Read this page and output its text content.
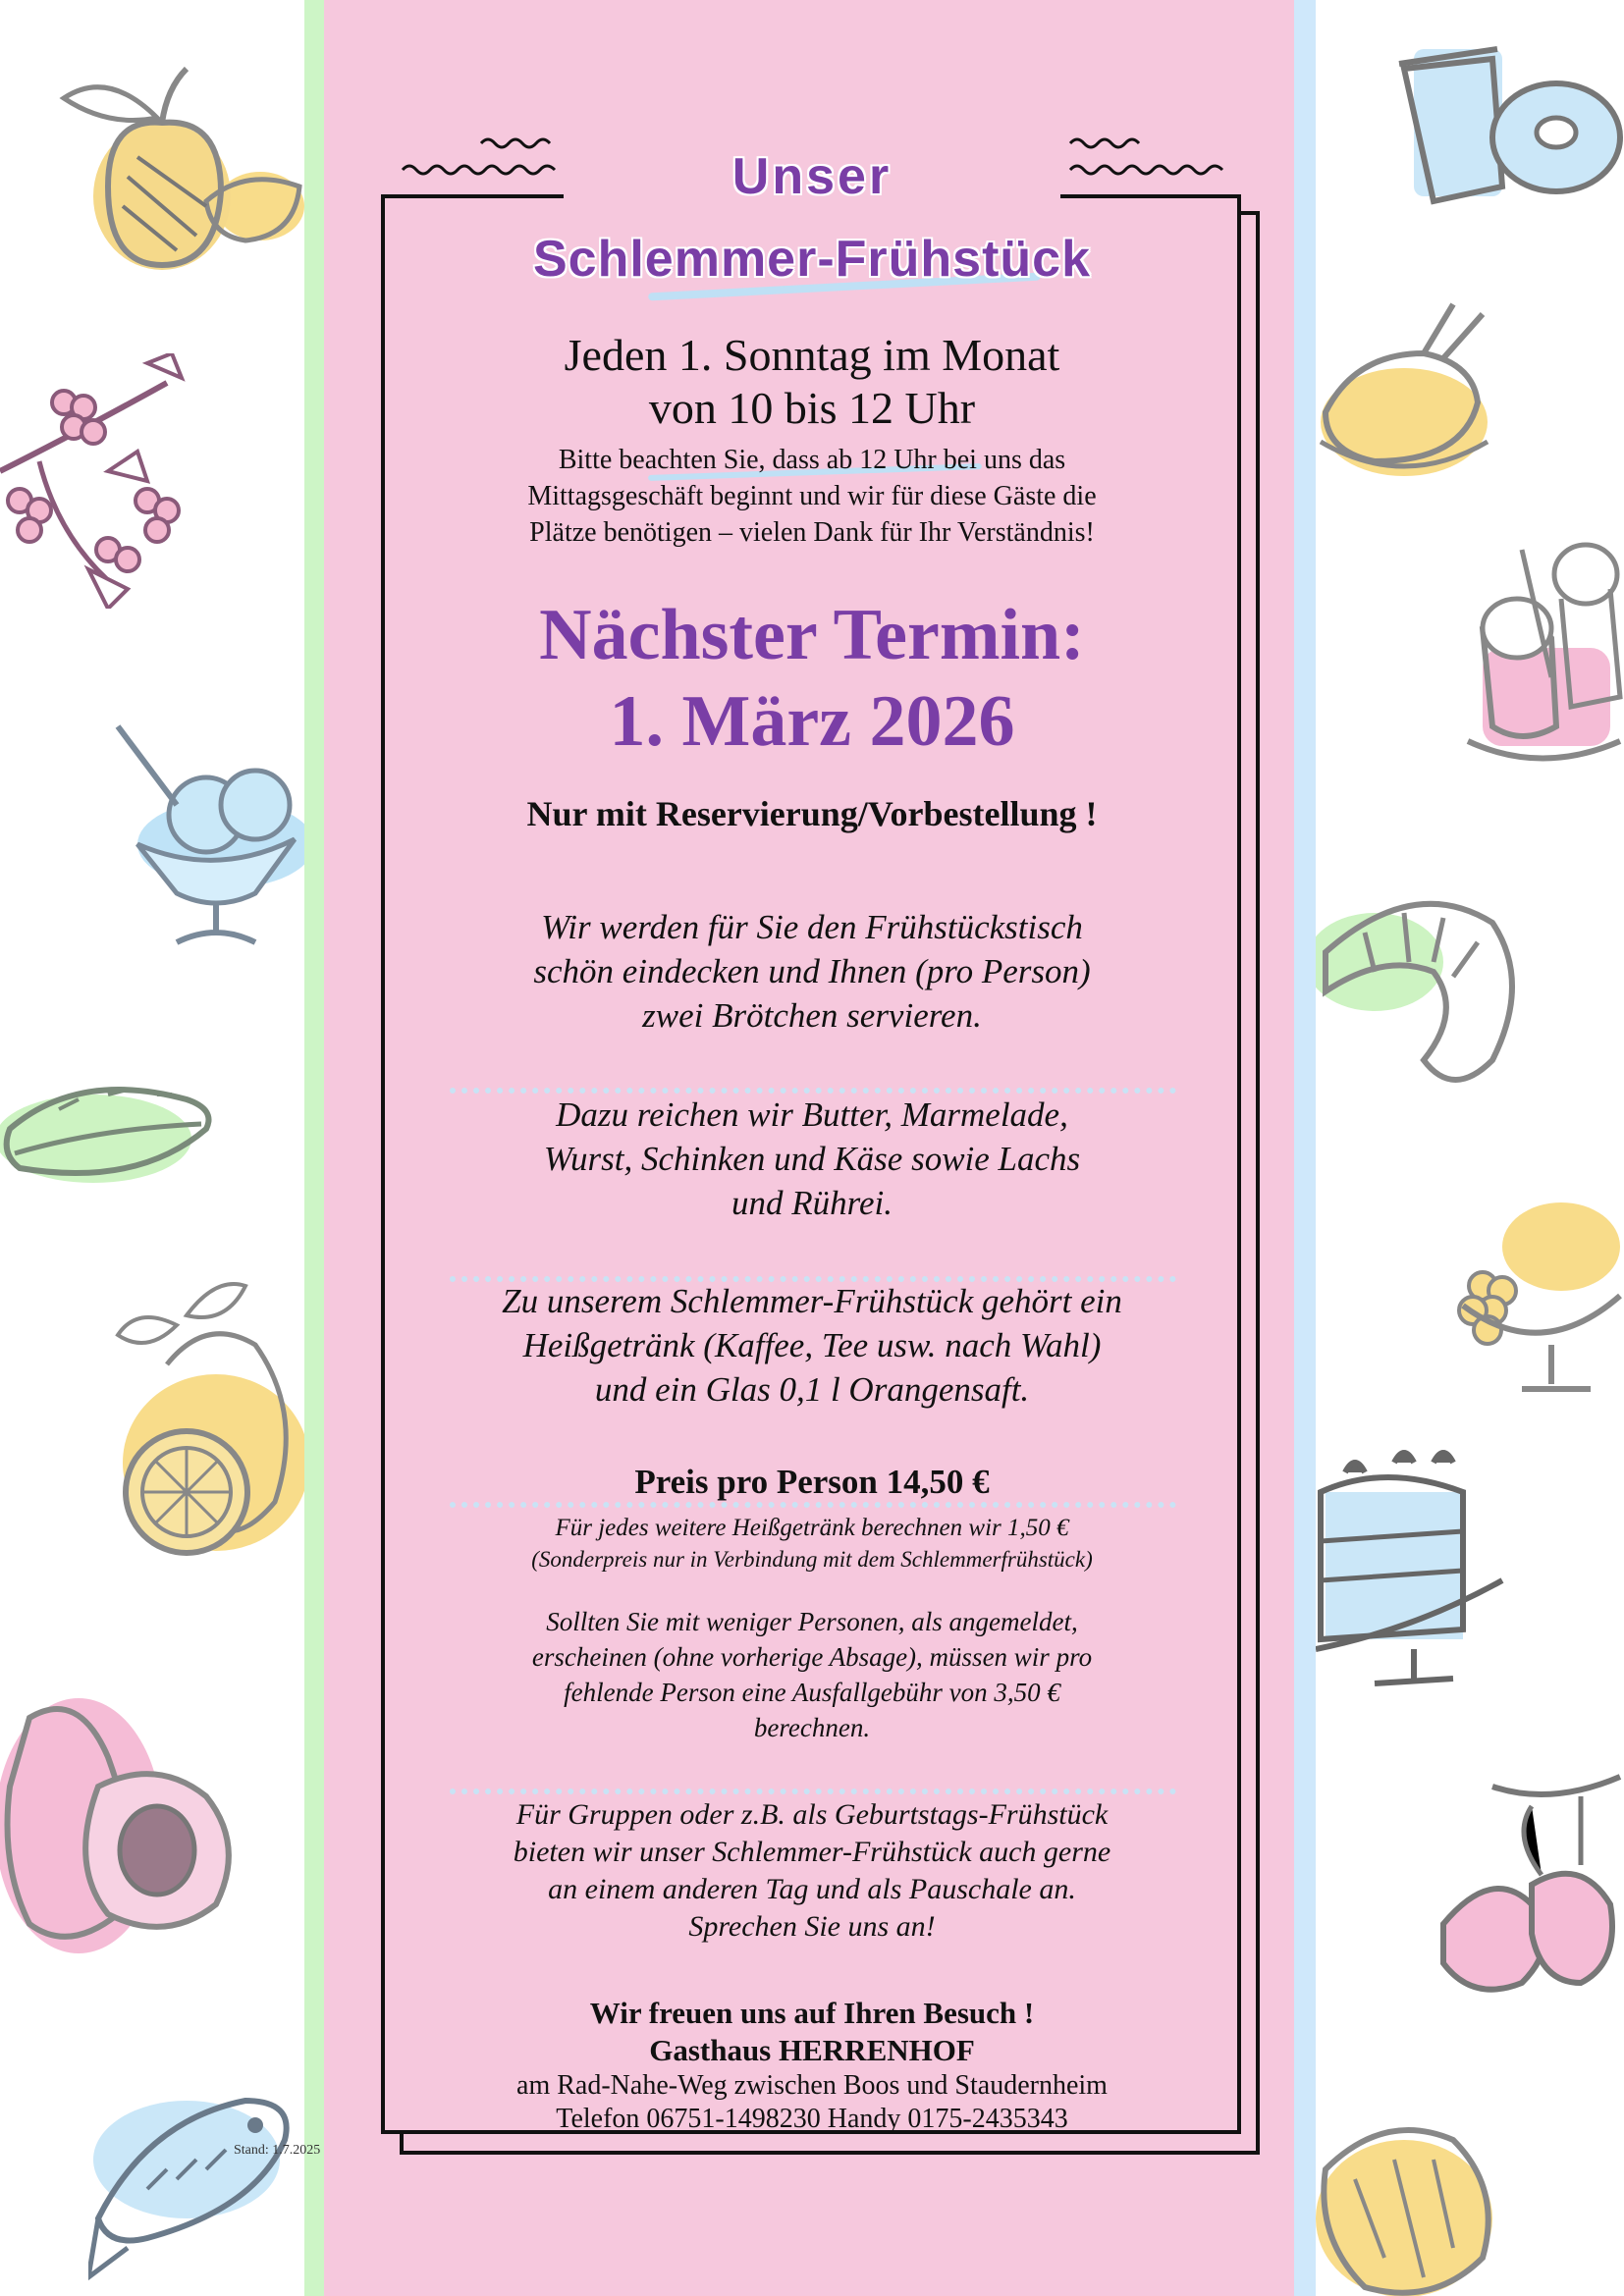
Unser
Schlemmer-Frühstück
Jeden 1. Sonntag im Monat
von 10 bis 12 Uhr
Bitte beachten Sie, dass ab 12 Uhr bei uns das
Mittagsgeschäft beginnt und wir für diese Gäste die
Plätze benötigen – vielen Dank für Ihr Verständnis!
Nächster Termin:
1. März 2026
Nur mit Reservierung/Vorbestellung !
Wir werden für Sie den Frühstückstisch
schön eindecken und Ihnen (pro Person)
zwei Brötchen servieren.
Dazu reichen wir Butter, Marmelade,
Wurst, Schinken und Käse sowie Lachs
und Rührei.
Zu unserem Schlemmer-Frühstück gehört ein
Heißgetränk (Kaffee, Tee usw. nach Wahl)
und ein Glas 0,1 l Orangensaft.
Preis pro Person 14,50 €
Für jedes weitere Heißgetränk berechnen wir 1,50 €
(Sonderpreis nur in Verbindung mit dem Schlemmerfrühstück)
Sollten Sie mit weniger Personen, als angemeldet,
erscheinen (ohne vorherige Absage), müssen wir pro
fehlende Person eine Ausfallgebühr von 3,50 €
berechnen.
Für Gruppen oder z.B. als Geburtstags-Frühstück
bieten wir unser Schlemmer-Frühstück auch gerne
an einem anderen Tag und als Pauschale an.
Sprechen Sie uns an!
Wir freuen uns auf Ihren Besuch !
Gasthaus HERRENHOF
am Rad-Nahe-Weg zwischen Boos und Staudernheim
Telefon 06751-1498230 Handy 0175-2435343
Stand: 1.7.2025
